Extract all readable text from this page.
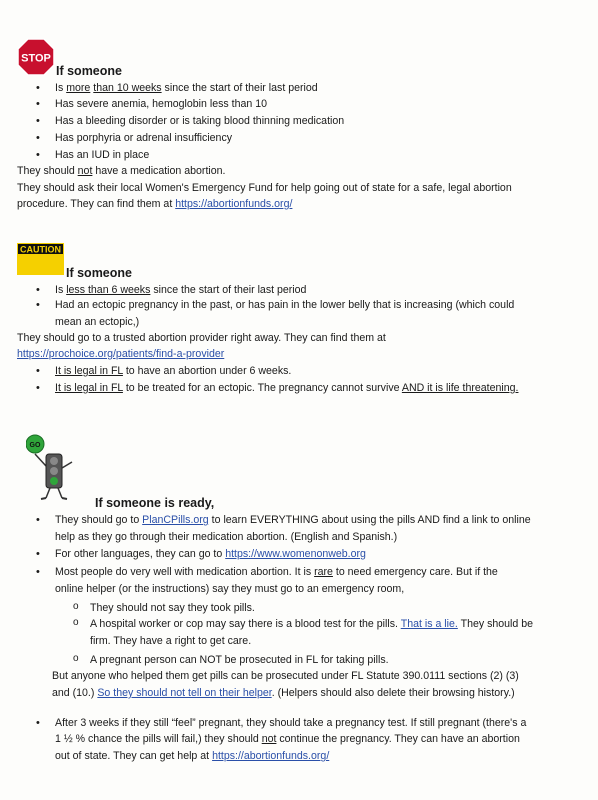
STOP
If someone
• Is more than 10 weeks since the start of their last period
• Has severe anemia, hemoglobin less than 10
• Has a bleeding disorder or is taking blood thinning medication
• Has porphyria or adrenal insufficiency
• Has an IUD in place
They should not have a medication abortion.
They should ask their local Women's Emergency Fund for help going out of state for a safe, legal abortion
procedure. They can find them at https://abortionfunds.org/
CAUTION
If someone
• Is less than 6 weeks since the start of their last period
• Had an ectopic pregnancy in the past, or has pain in the lower belly that is increasing (which could
mean an ectopic,)
They should go to a trusted abortion provider right away. They can find them at
https://prochoice.org/patients/find-a-provider
• It is legal in FL to have an abortion under 6 weeks.
• It is legal in FL to be treated for an ectopic. The pregnancy cannot survive AND it is life threatening.
GO
If someone is ready,
• They should go to PlanCPills.org to learn EVERYTHING about using the pills AND find a link to online
help as they go through their medication abortion. (English and Spanish.)
• For other languages, they can go to https://www.womenonweb.org
• Most people do very well with medication abortion. It is rare to need emergency care. But if the
online helper (or the instructions) say they must go to an emergency room,
o They should not say they took pills.
o A hospital worker or cop may say there is a blood test for the pills. That is a lie. They should be
firm. They have a right to get care.
o A pregnant person can NOT be prosecuted in FL for taking pills.
But anyone who helped them get pills can be prosecuted under FL Statute 390.0111 sections (2) (3)
and (10.) So they should not tell on their helper. (Helpers should also delete their browsing history.)
• After 3 weeks if they still “feel” pregnant, they should take a pregnancy test. If still pregnant (there's a
1 ½ % chance the pills will fail,) they should not continue the pregnancy. They can have an abortion
out of state. They can get help at https://abortionfunds.org/
